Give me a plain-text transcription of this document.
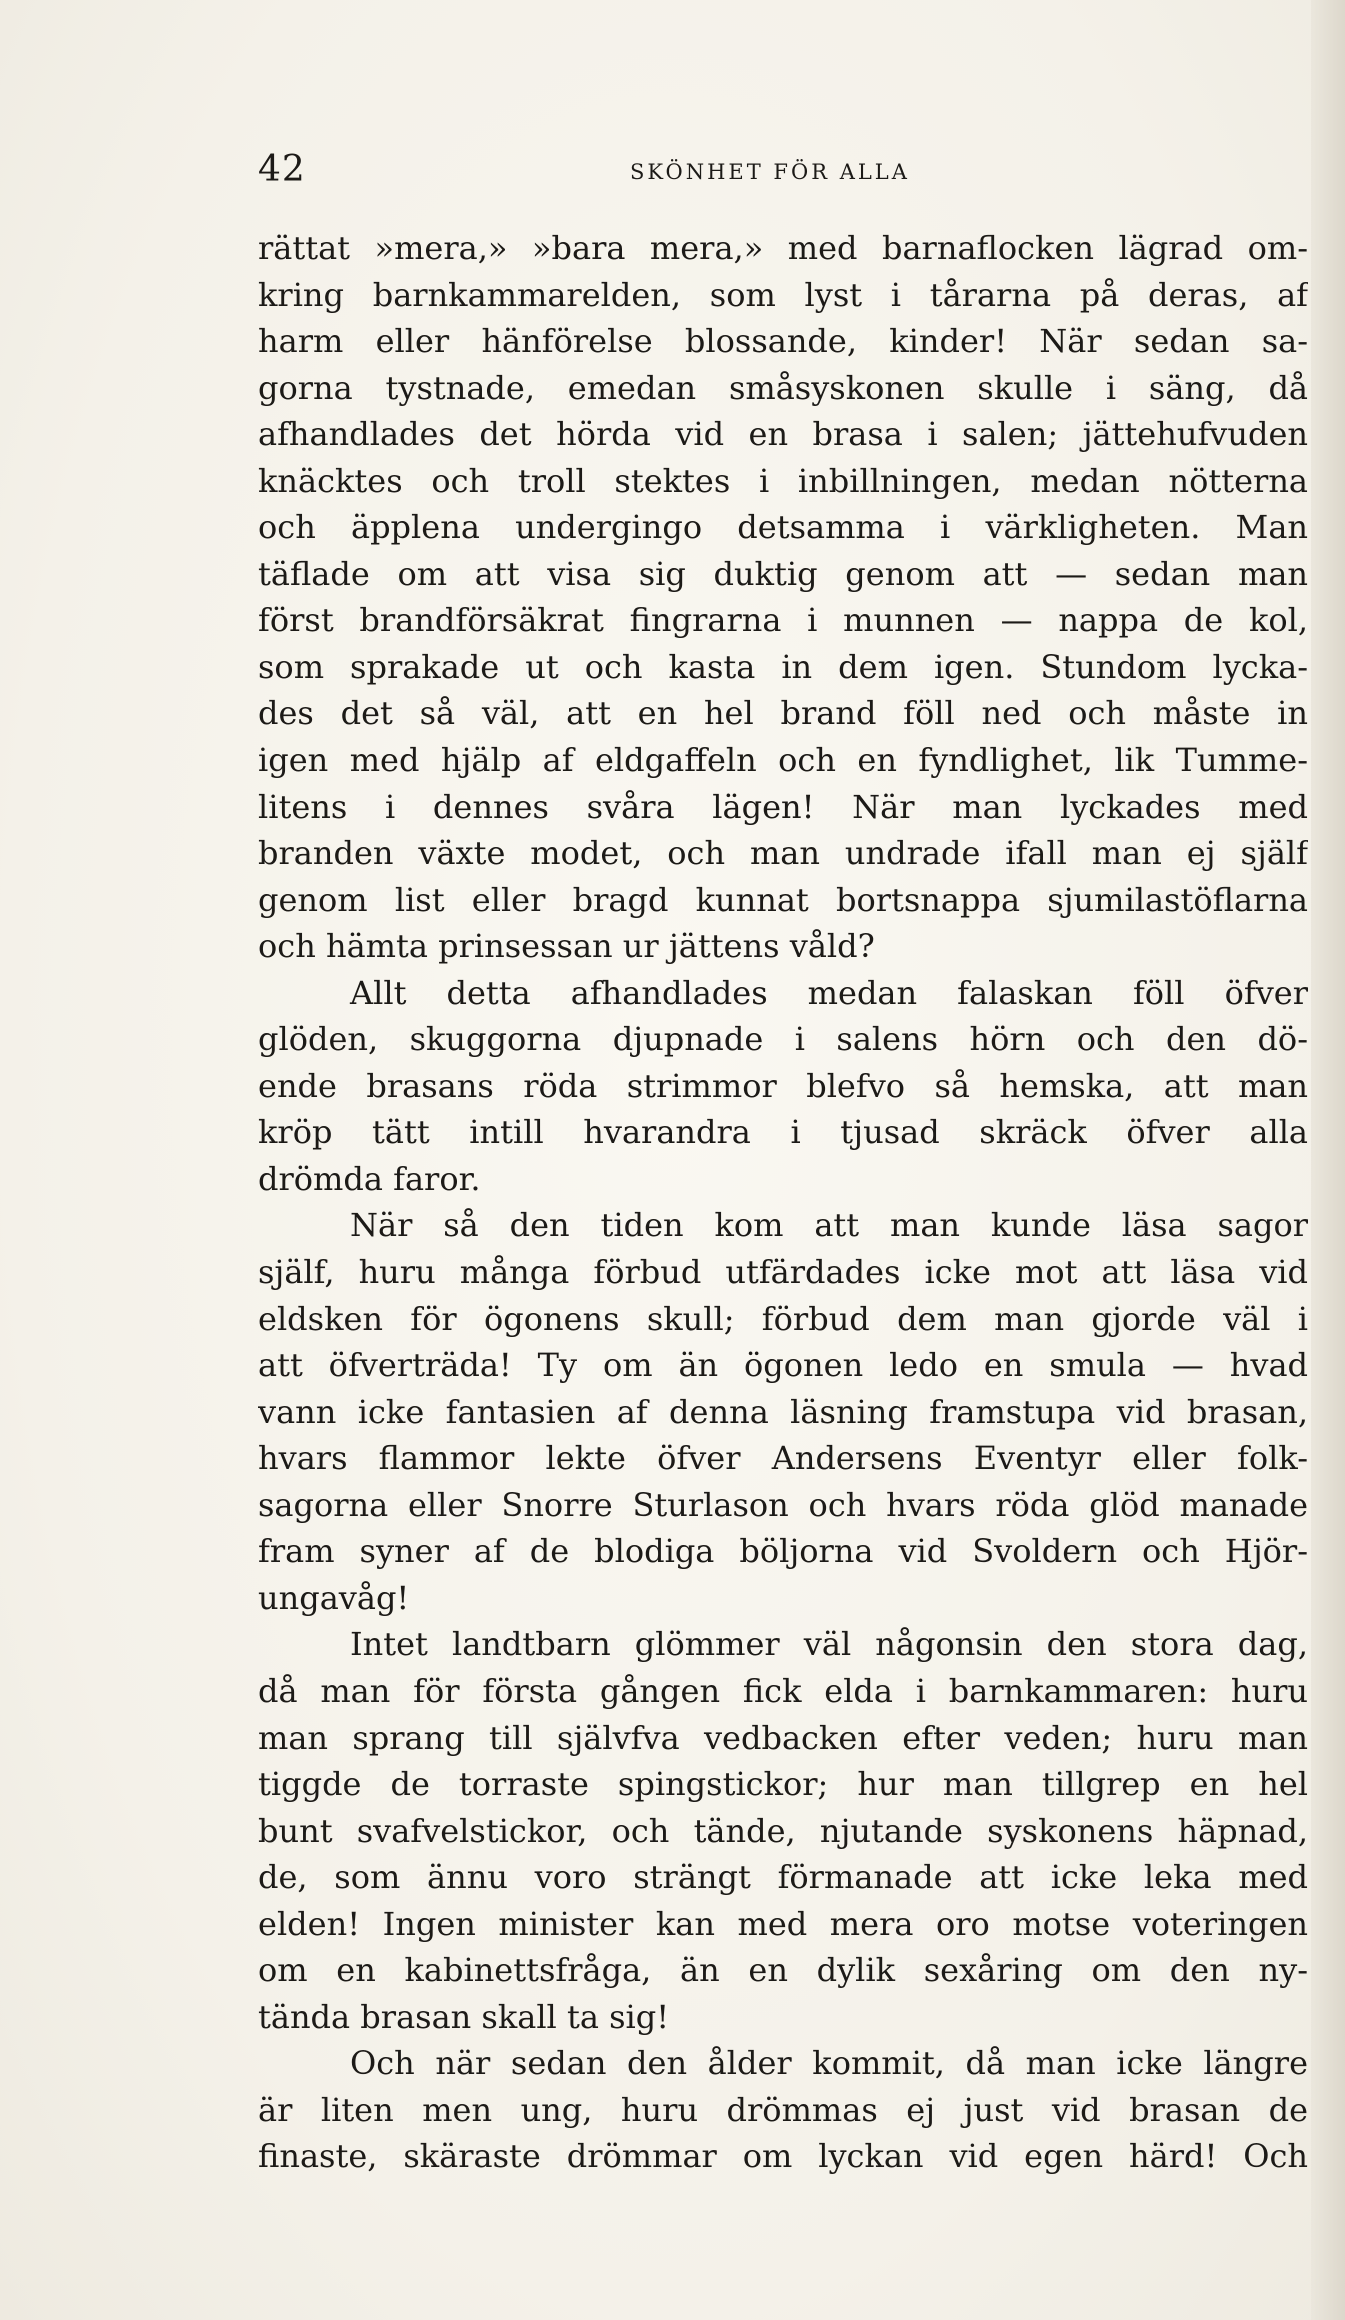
42	SKÖNHET FÖR ALLA
rättat »mera,» »bara mera,» med barnaflocken lägrad om-
kring barnkammarelden, som lyst i tårarna på deras, af
harm eller hänförelse blossande, kinder! När sedan sa-
gorna tystnade, emedan småsyskonen skulle i säng, då
afhandlades det hörda vid en brasa i salen; jättehufvuden
knäcktes och troll stektes i inbillningen, medan nötterna
och äpplena undergingo detsamma i värkligheten. Man
täflade om att visa sig duktig genom att — sedan man
först brandförsäkrat fingrarna i munnen — nappa de kol,
som sprakade ut och kasta in dem igen. Stundom lycka-
des det så väl, att en hel brand föll ned och måste in
igen med hjälp af eldgaffeln och en fyndlighet, lik Tumme-
litens i dennes svåra lägen! När man lyckades med
branden växte modet, och man undrade ifall man ej själf
genom list eller bragd kunnat bortsnappa sjumilastöflarna
och hämta prinsessan ur jättens våld?
Allt detta afhandlades medan falaskan föll öfver
glöden, skuggorna djupnade i salens hörn och den dö-
ende brasans röda strimmor blefvo så hemska, att man
kröp tätt intill hvarandra i tjusad skräck öfver alla
drömda faror.
När så den tiden kom att man kunde läsa sagor
själf, huru många förbud utfärdades icke mot att läsa vid
eldsken för ögonens skull; förbud dem man gjorde väl i
att öfverträda! Ty om än ögonen ledo en smula — hvad
vann icke fantasien af denna läsning framstupa vid brasan,
hvars flammor lekte öfver Andersens Eventyr eller folk-
sagorna eller Snorre Sturlason och hvars röda glöd manade
fram syner af de blodiga böljorna vid Svoldern och Hjör-
ungavåg!
Intet landtbarn glömmer väl någonsin den stora dag,
då man för första gången fick elda i barnkammaren: huru
man sprang till självfva vedbacken efter veden; huru man
tiggde de torraste spingstickor; hur man tillgrep en hel
bunt svafvelstickor, och tände, njutande syskonens häpnad,
de, som ännu voro strängt förmanade att icke leka med
elden! Ingen minister kan med mera oro motse voteringen
om en kabinettsfråga, än en dylik sexåring om den ny-
tända brasan skall ta sig!
Och när sedan den ålder kommit, då man icke längre
är liten men ung, huru drömmas ej just vid brasan de
finaste, skäraste drömmar om lyckan vid egen härd! Och
